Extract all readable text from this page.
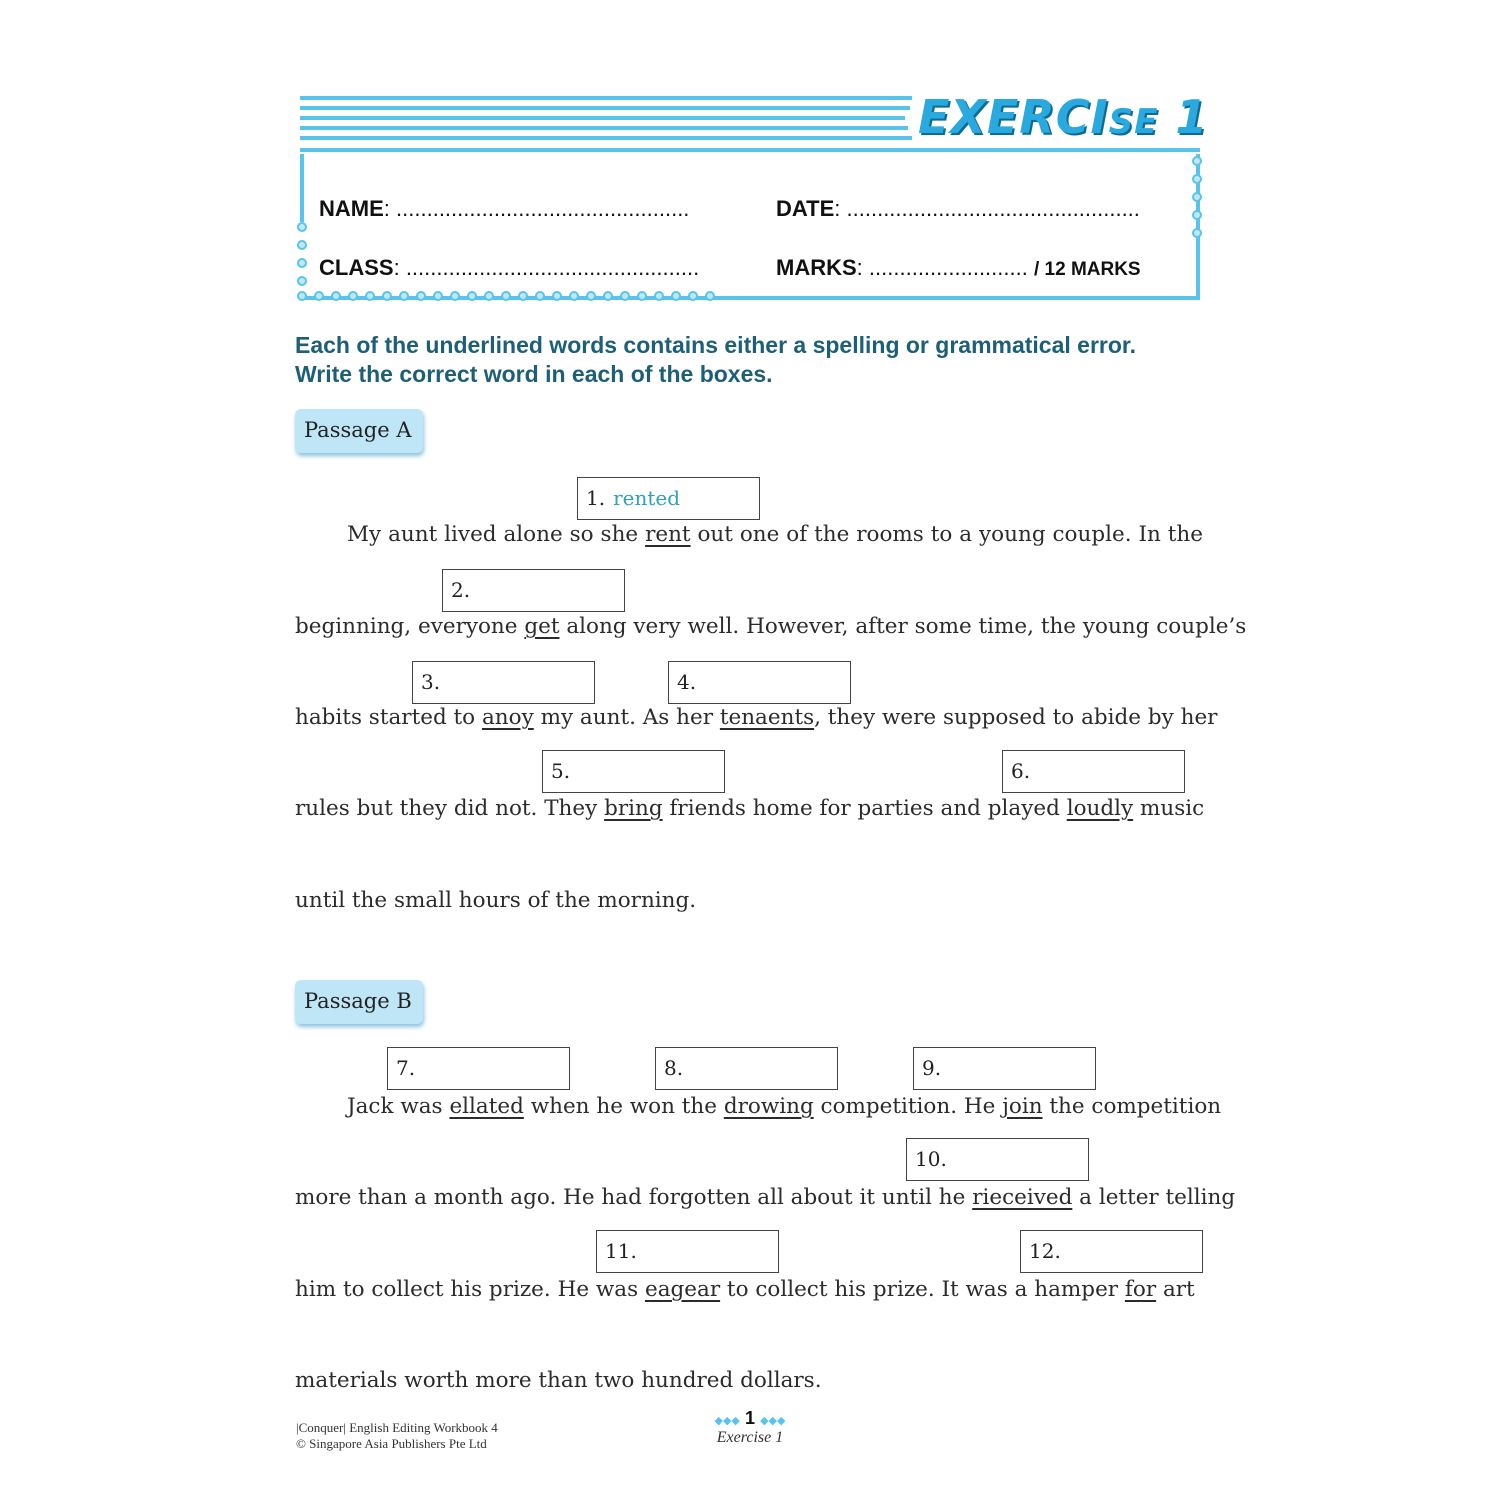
EXERCISE 1
NAME: ................................................	DATE: ................................................
CLASS: ................................................	MARKS: .......................... / 12 MARKS
Each of the underlined words contains either a spelling or grammatical error.
Write the correct word in each of the boxes.
Passage A
1. rented
2.
3.	4.
5.	6.
My aunt lived alone so she rent out one of the rooms to a young couple. In the
beginning, everyone get along very well. However, after some time, the young couple’s
habits started to anoy my aunt. As her tenaents, they were supposed to abide by her
rules but they did not. They bring friends home for parties and played loudly music
until the small hours of the morning.
Passage B
7.	8.	9.
10.
11.	12.
Jack was ellated when he won the drowing competition. He join the competition
more than a month ago. He had forgotten all about it until he rieceived a letter telling
him to collect his prize. He was eagear to collect his prize. It was a hamper for art
materials worth more than two hundred dollars.
|Conquer| English Editing Workbook 4
© Singapore Asia Publishers Pte Ltd
◆◆◆ 1 ◆◆◆
Exercise 1
